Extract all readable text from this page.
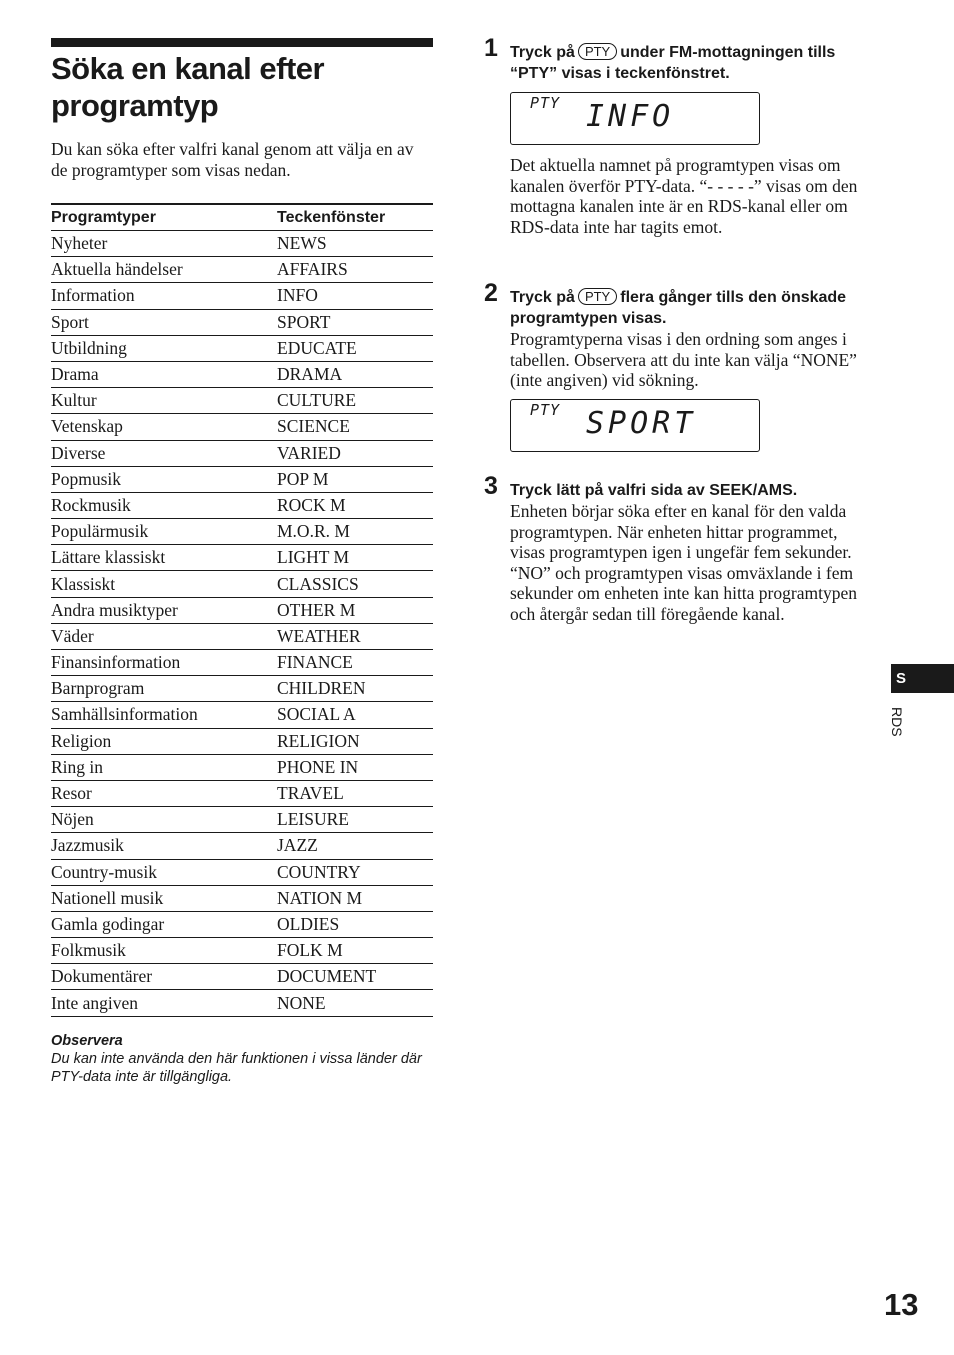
Söka en kanal efter programtyp

Du kan söka efter valfri kanal genom att välja en av de programtyper som visas nedan.

Programtyper	Teckenfönster
Nyheter	NEWS
Aktuella händelser	AFFAIRS
Information	INFO
Sport	SPORT
Utbildning	EDUCATE
Drama	DRAMA
Kultur	CULTURE
Vetenskap	SCIENCE
Diverse	VARIED
Popmusik	POP M
Rockmusik	ROCK M
Populärmusik	M.O.R. M
Lättare klassiskt	LIGHT M
Klassiskt	CLASSICS
Andra musiktyper	OTHER M
Väder	WEATHER
Finansinformation	FINANCE
Barnprogram	CHILDREN
Samhällsinformation	SOCIAL A
Religion	RELIGION
Ring in	PHONE IN
Resor	TRAVEL
Nöjen	LEISURE
Jazzmusik	JAZZ
Country-musik	COUNTRY
Nationell musik	NATION M
Gamla godingar	OLDIES
Folkmusik	FOLK M
Dokumentärer	DOCUMENT
Inte angiven	NONE
Observera
Du kan inte använda den här funktionen i vissa länder där PTY-data inte är tillgängliga.
1 Tryck på PTY under FM-mottagningen tills “PTY” visas i teckenfönstret.
PTY INFO
Det aktuella namnet på programtypen visas om kanalen överför PTY-data. “- - - - -” visas om den mottagna kanalen inte är en RDS-kanal eller om RDS-data inte har tagits emot.
2 Tryck på PTY flera gånger tills den önskade programtypen visas.
Programtyperna visas i den ordning som anges i tabellen. Observera att du inte kan välja “NONE” (inte angiven) vid sökning.
PTY SPORT
3 Tryck lätt på valfri sida av SEEK/AMS.
Enheten börjar söka efter en kanal för den valda programtypen. När enheten hittar programmet, visas programtypen igen i ungefär fem sekunder.
“NO” och programtypen visas omväxlande i fem sekunder om enheten inte kan hitta programtypen och återgår sedan till föregående kanal.
S
RDS
13
